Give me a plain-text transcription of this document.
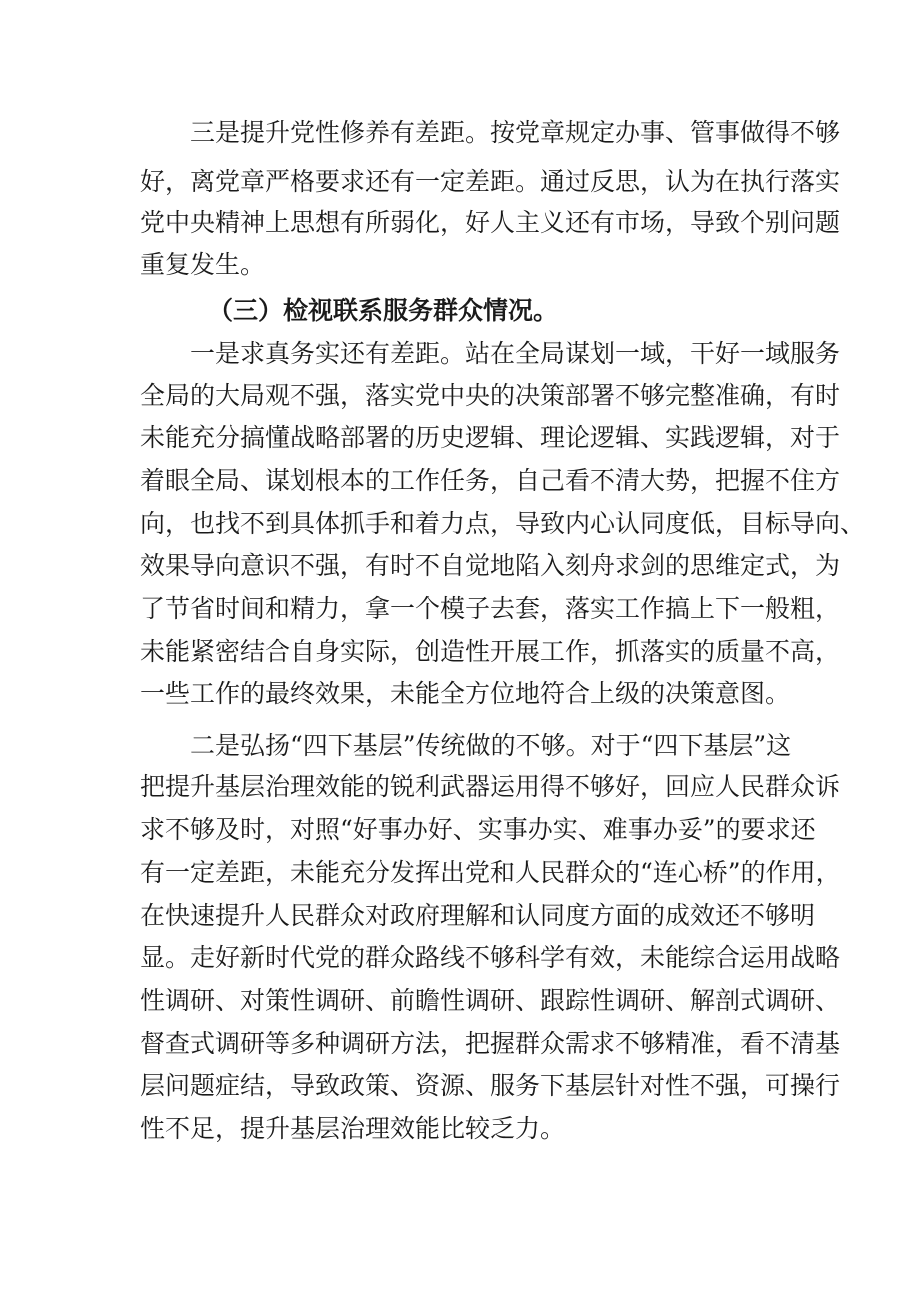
三是提升党性修养有差距。按党章规定办事、管事做得不够
好，离党章严格要求还有一定差距。通过反思，认为在执行落实
党中央精神上思想有所弱化，好人主义还有市场，导致个别问题
重复发生。
（三）检视联系服务群众情况。
一是求真务实还有差距。站在全局谋划一域，干好一域服务
全局的大局观不强，落实党中央的决策部署不够完整准确，有时
未能充分搞懂战略部署的历史逻辑、理论逻辑、实践逻辑，对于
着眼全局、谋划根本的工作任务，自己看不清大势，把握不住方
向，也找不到具体抓手和着力点，导致内心认同度低，目标导向、
效果导向意识不强，有时不自觉地陷入刻舟求剑的思维定式，为
了节省时间和精力，拿一个模子去套，落实工作搞上下一般粗，
未能紧密结合自身实际，创造性开展工作，抓落实的质量不高，
一些工作的最终效果，未能全方位地符合上级的决策意图。
二是弘扬“四下基层”传统做的不够。对于“四下基层”这
把提升基层治理效能的锐利武器运用得不够好，回应人民群众诉
求不够及时，对照“好事办好、实事办实、难事办妥”的要求还
有一定差距，未能充分发挥出党和人民群众的“连心桥”的作用，
在快速提升人民群众对政府理解和认同度方面的成效还不够明
显。走好新时代党的群众路线不够科学有效，未能综合运用战略
性调研、对策性调研、前瞻性调研、跟踪性调研、解剖式调研、
督查式调研等多种调研方法，把握群众需求不够精准，看不清基
层问题症结，导致政策、资源、服务下基层针对性不强，可操行
性不足，提升基层治理效能比较乏力。
